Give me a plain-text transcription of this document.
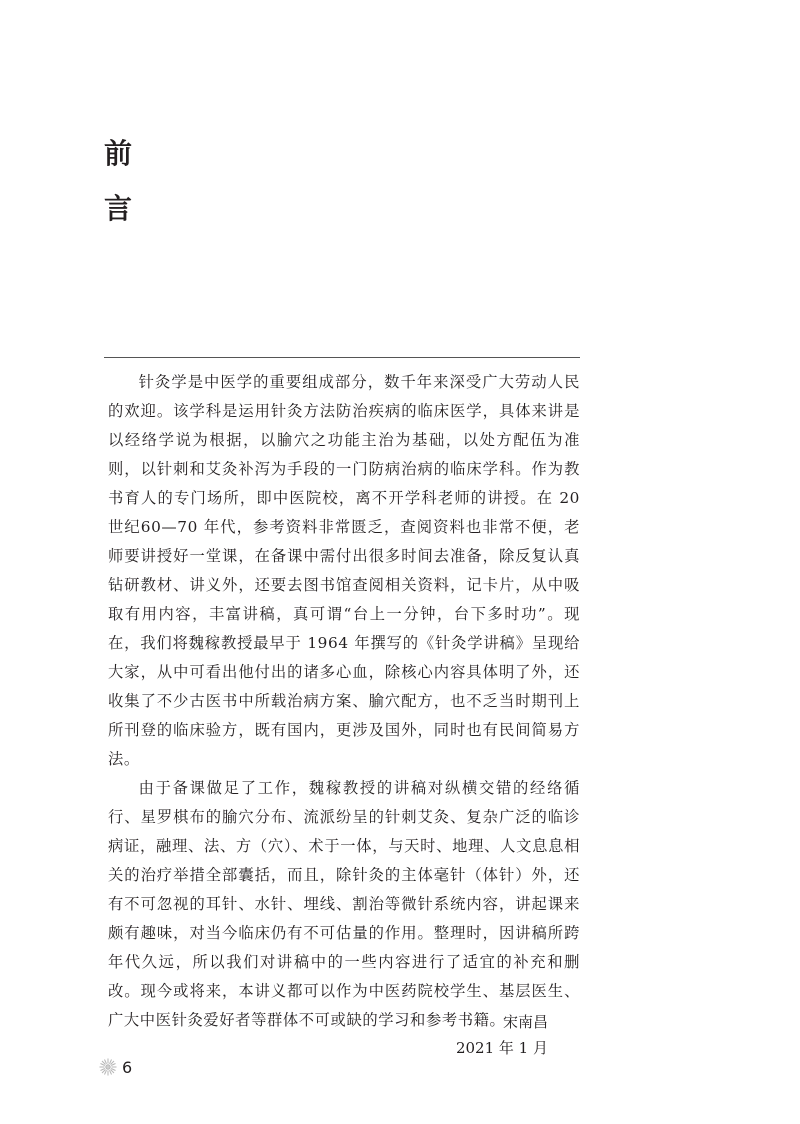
前
言

针灸学是中医学的重要组成部分，数千年来深受广大劳动人民的欢迎。该学科是运用针灸方法防治疾病的临床医学，具体来讲是以经络学说为根据，以腧穴之功能主治为基础，以处方配伍为准则，以针刺和艾灸补泻为手段的一门防病治病的临床学科。作为教书育人的专门场所，即中医院校，离不开学科老师的讲授。在 20 世纪60—70 年代，参考资料非常匮乏，查阅资料也非常不便，老师要讲授好一堂课，在备课中需付出很多时间去准备，除反复认真钻研教材、讲义外，还要去图书馆查阅相关资料，记卡片，从中吸取有用内容，丰富讲稿，真可谓“台上一分钟，台下多时功”。现在，我们将魏稼教授最早于 1964 年撰写的《针灸学讲稿》呈现给大家，从中可看出他付出的诸多心血，除核心内容具体明了外，还收集了不少古医书中所载治病方案、腧穴配方，也不乏当时期刊上所刊登的临床验方，既有国内，更涉及国外，同时也有民间简易方法。

由于备课做足了工作，魏稼教授的讲稿对纵横交错的经络循行、星罗棋布的腧穴分布、流派纷呈的针刺艾灸、复杂广泛的临诊病证，融理、法、方（穴）、术于一体，与天时、地理、人文息息相关的治疗举措全部囊括，而且，除针灸的主体毫针（体针）外，还有不可忽视的耳针、水针、埋线、割治等微针系统内容，讲起课来颇有趣味，对当今临床仍有不可估量的作用。整理时，因讲稿所跨年代久远，所以我们对讲稿中的一些内容进行了适宜的补充和删改。现今或将来，本讲义都可以作为中医药院校学生、基层医生、广大中医针灸爱好者等群体不可或缺的学习和参考书籍。

宋南昌
2021 年 1 月
6
